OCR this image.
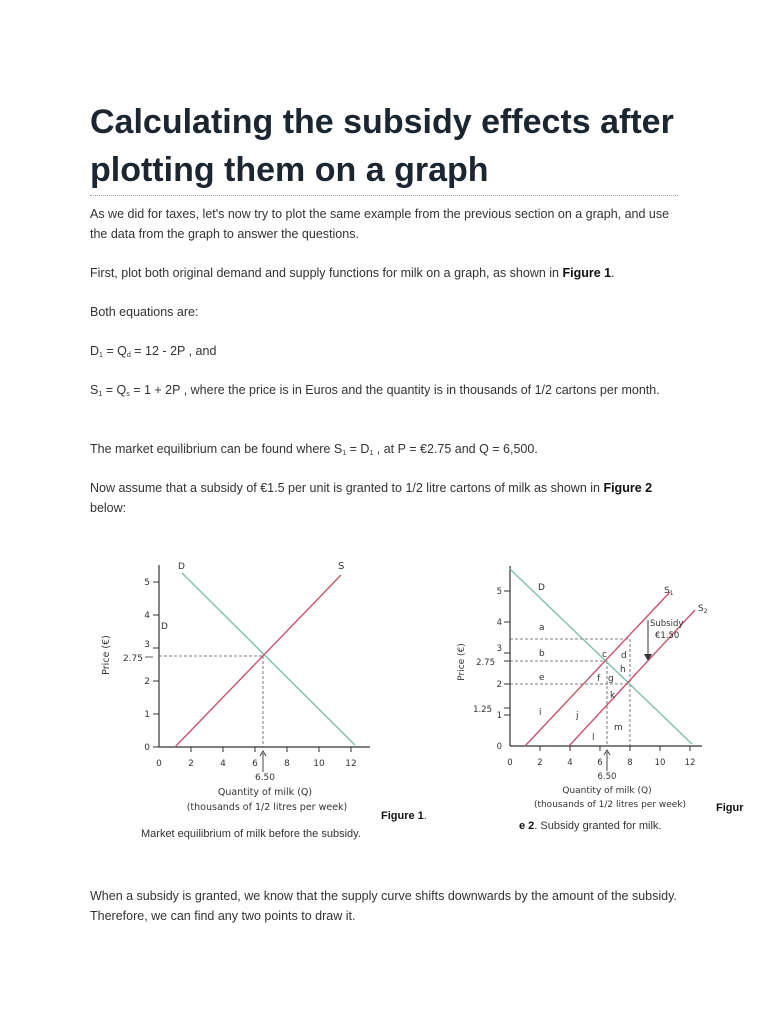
Calculating the subsidy effects after plotting them on a graph

As we did for taxes, let's now try to plot the same example from the previous section on a graph, and use the data from the graph to answer the questions.

First, plot both original demand and supply functions for milk on a graph, as shown in Figure 1.

Both equations are:

$D_1 = Q_d = 12 - 2P$ , and

$S_1 = Q_s = 1 + 2P$ , where the price is in Euros and the quantity is in thousands of 1/2 cartons per month.

The market equilibrium can be found where $S_1 = D_1$ , at P = €2.75 and Q = 6,500.

Now assume that a subsidy of €1.5 per unit is granted to 1/2 litre cartons of milk as shown in Figure 2 below:

0
1
2
3
4
5
2.75
0	2	4	6	8	10 12
6.50
Quantity of milk (Q)
(thousands of 1/2 litres per week)
Price (€)
D
D
S
0
1
2
3
4
5
2.75
1.25
0	2	4	6	8	10 12
6.50
Quantity of milk (Q)
(thousands of 1/2 litres per week)
Price (€)
D	$S_1$
$S_2$
Subsidy
€1.50
a
b	c d
e	f g
h
i	j
k
l
m
Figure 1.
Market equilibrium of milk before the subsidy.
Figur
e 2. Subsidy granted for milk.

When a subsidy is granted, we know that the supply curve shifts downwards by the amount of the subsidy. Therefore, we can find any two points to draw it.
